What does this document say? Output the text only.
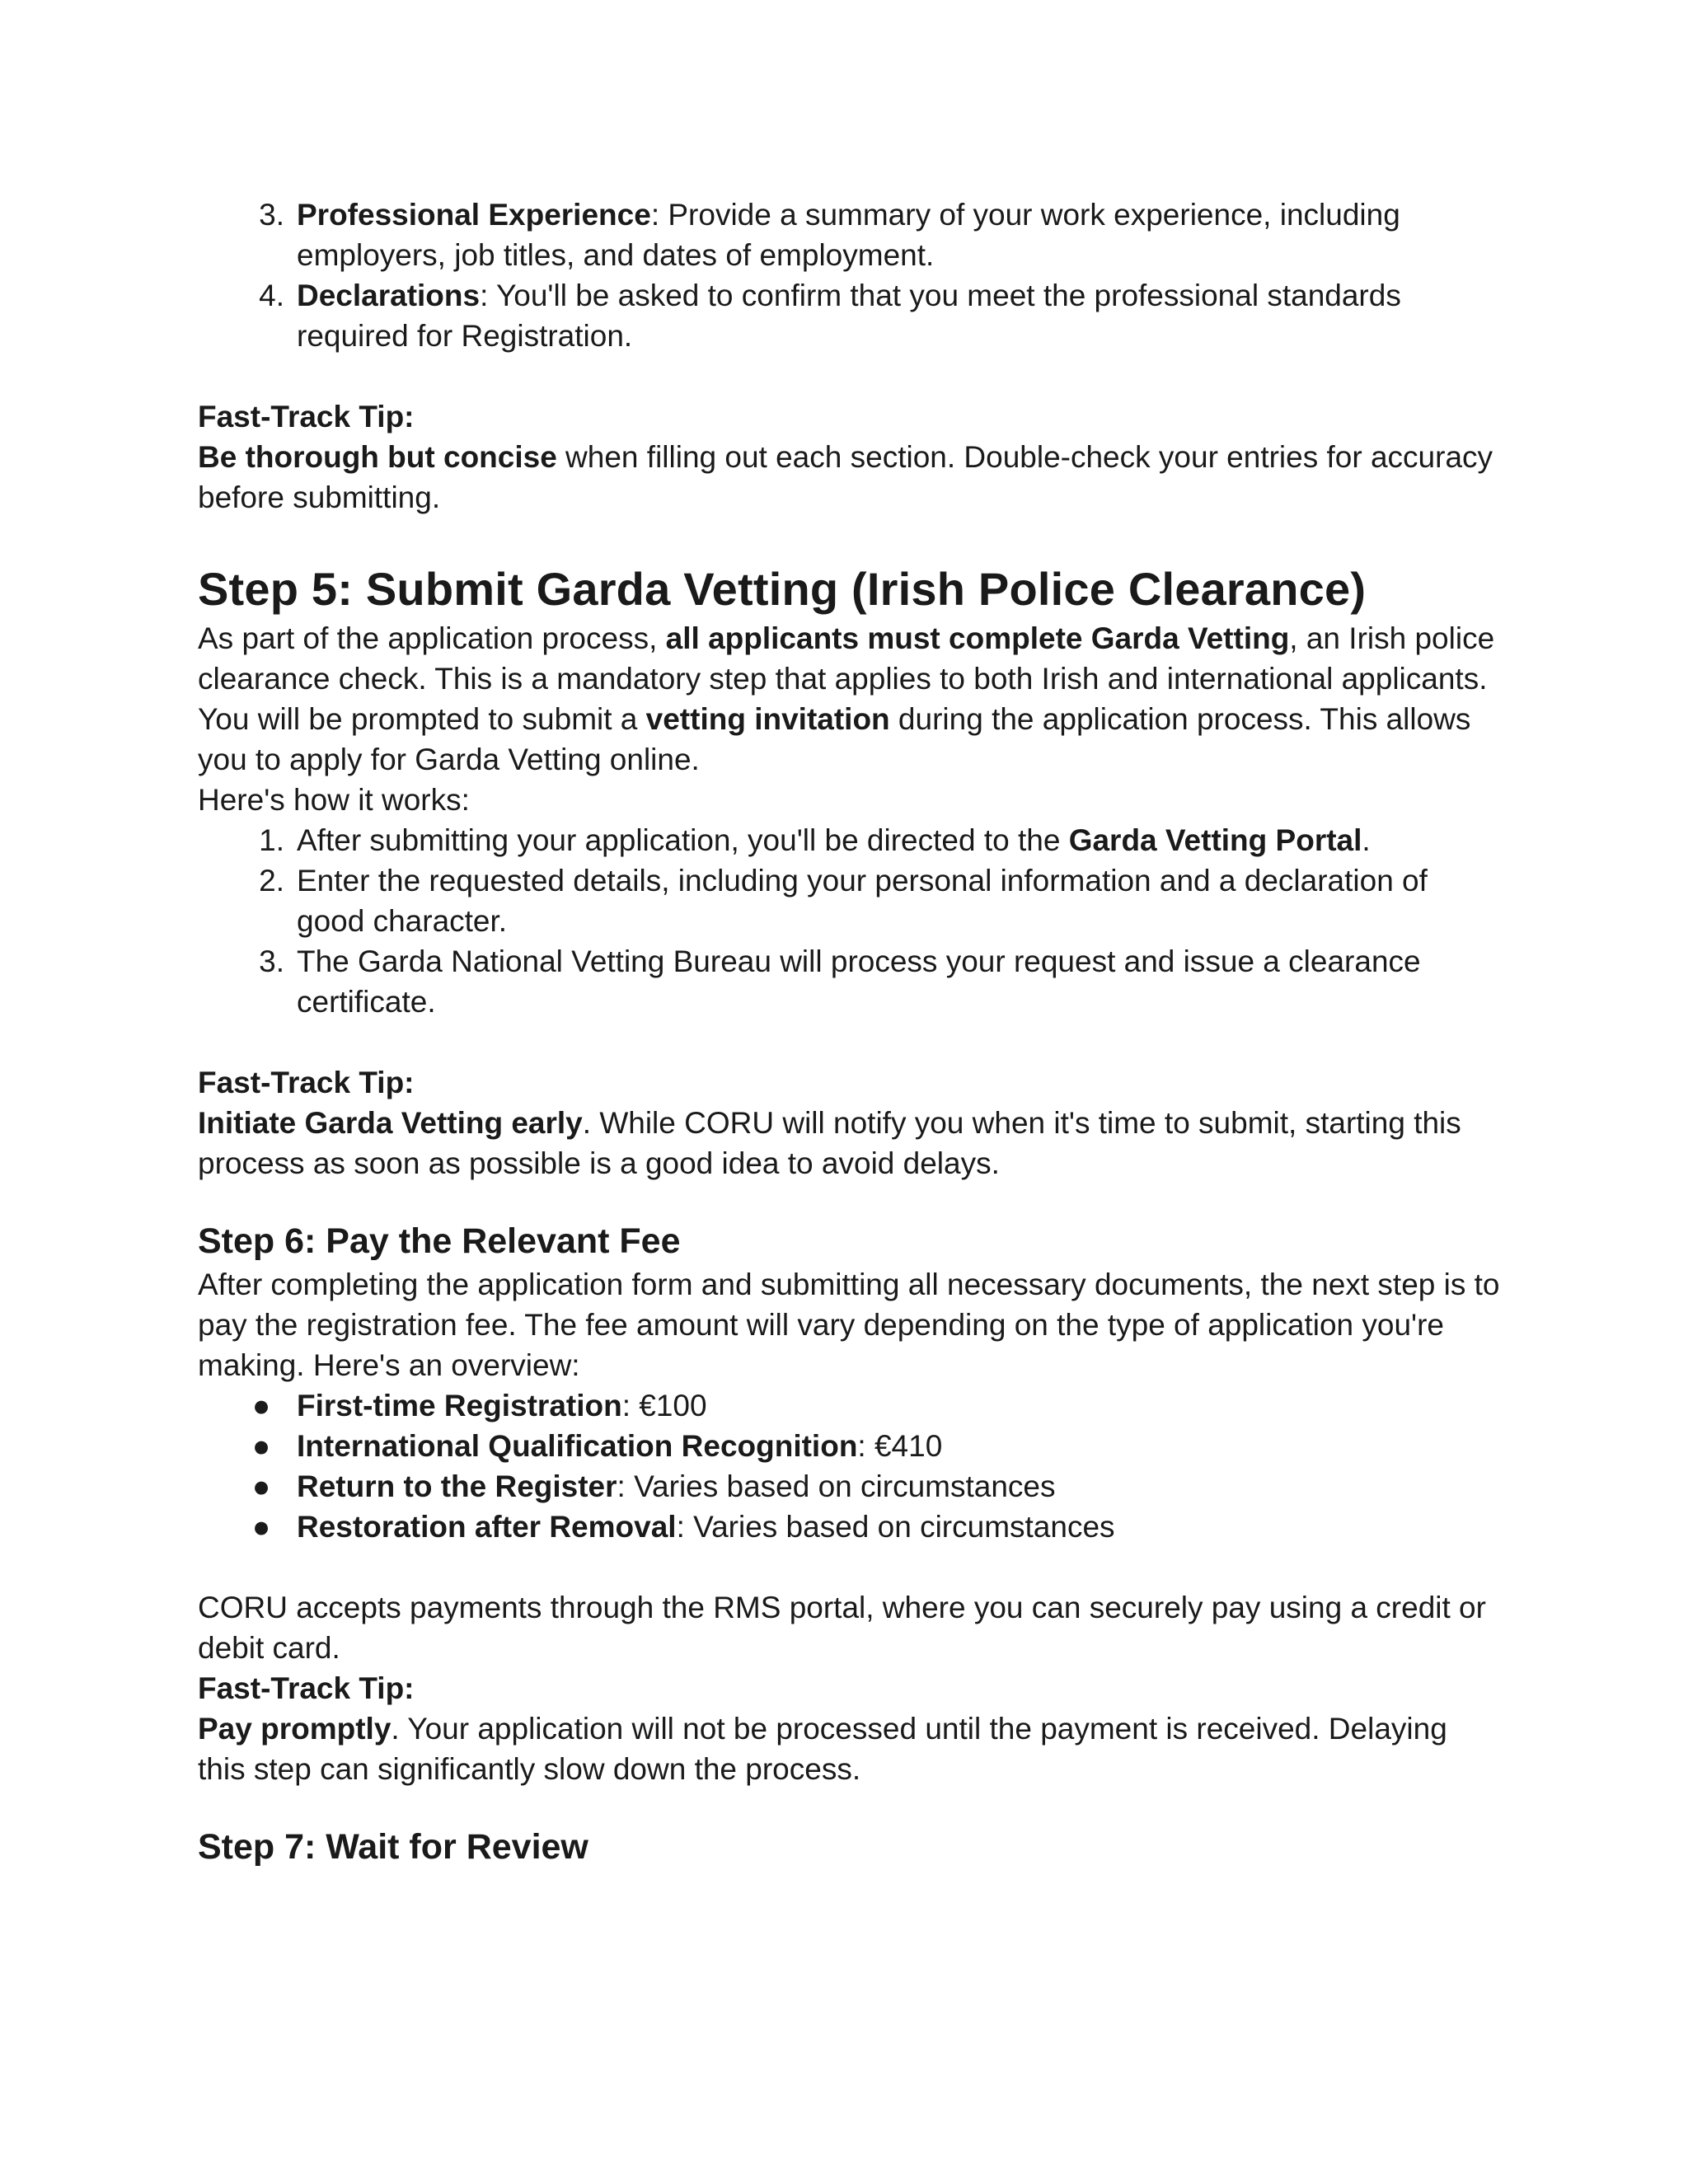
3. Professional Experience: Provide a summary of your work experience, including employers, job titles, and dates of employment.
4. Declarations: You'll be asked to confirm that you meet the professional standards required for Registration.

Fast-Track Tip:

Be thorough but concise when filling out each section. Double-check your entries for accuracy before submitting.

Step 5: Submit Garda Vetting (Irish Police Clearance)

As part of the application process, all applicants must complete Garda Vetting, an Irish police clearance check. This is a mandatory step that applies to both Irish and international applicants. You will be prompted to submit a vetting invitation during the application process. This allows you to apply for Garda Vetting online.

Here's how it works:

1. After submitting your application, you'll be directed to the Garda Vetting Portal.
2. Enter the requested details, including your personal information and a declaration of good character.
3. The Garda National Vetting Bureau will process your request and issue a clearance certificate.

Fast-Track Tip:

Initiate Garda Vetting early. While CORU will notify you when it's time to submit, starting this process as soon as possible is a good idea to avoid delays.

Step 6: Pay the Relevant Fee

After completing the application form and submitting all necessary documents, the next step is to pay the registration fee. The fee amount will vary depending on the type of application you're making. Here's an overview:

● First-time Registration: €100
● International Qualification Recognition: €410
● Return to the Register: Varies based on circumstances
● Restoration after Removal: Varies based on circumstances

CORU accepts payments through the RMS portal, where you can securely pay using a credit or debit card.

Fast-Track Tip:

Pay promptly. Your application will not be processed until the payment is received. Delaying this step can significantly slow down the process.

Step 7: Wait for Review
